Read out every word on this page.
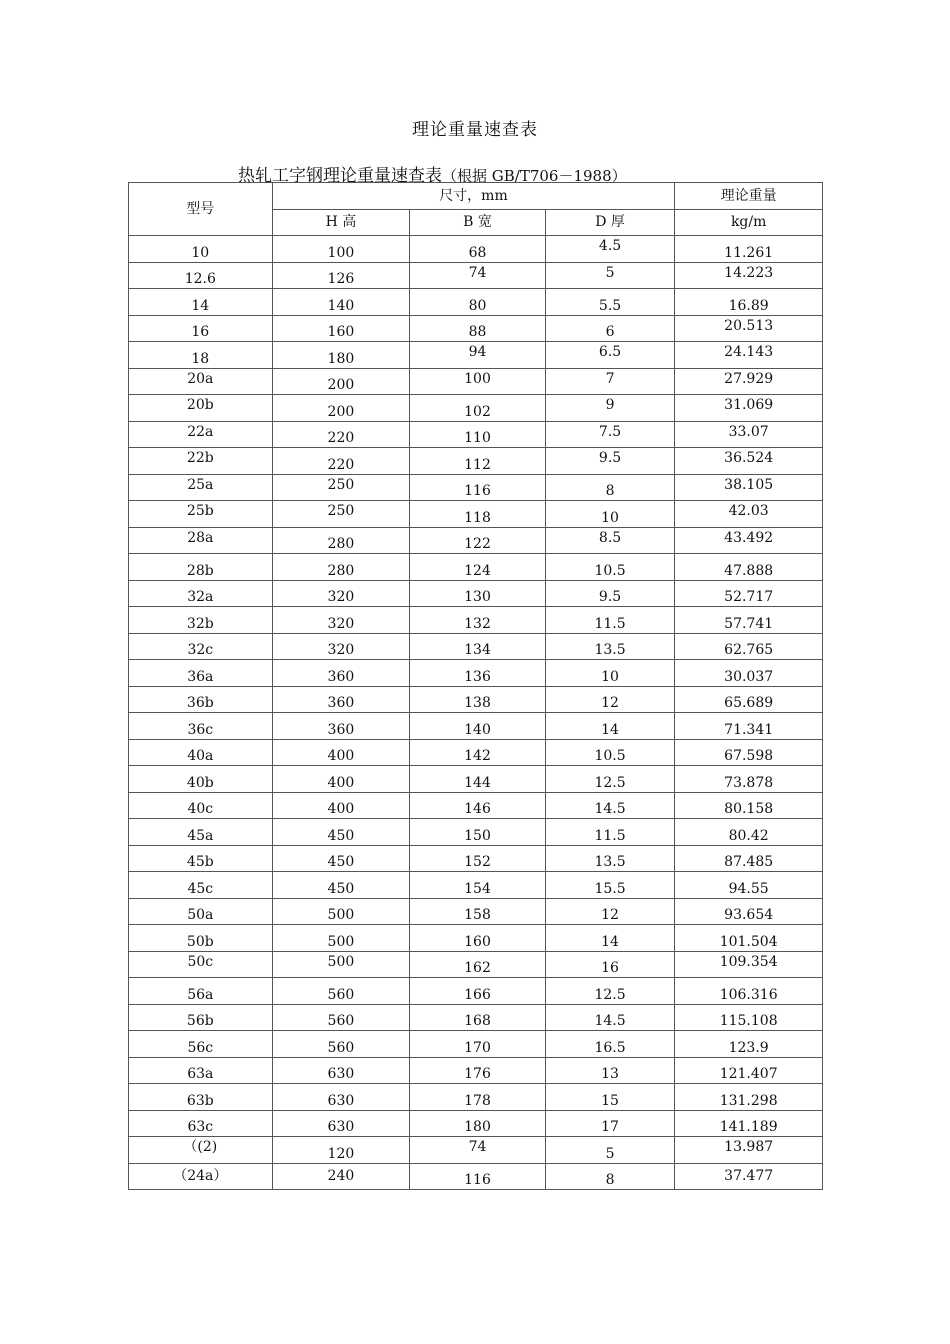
理论重量速查表
热轧工字钢理论重量速查表（根据 GB/T706－1988）
型号	尺寸，mm			理论重量
	H 高	B 宽	D 厚	kg/m
10	100	68	4.5	11.261
12.6	126	74	5	14.223
14	140	80	5.5	16.89
16	160	88	6	20.513
18	180	94	6.5	24.143
20a	200	100	7	27.929
20b	200	102	9	31.069
22a	220	110	7.5	33.07
22b	220	112	9.5	36.524
25a	250	116	8	38.105
25b	250	118	10	42.03
28a	280	122	8.5	43.492
28b	280	124	10.5	47.888
32a	320	130	9.5	52.717
32b	320	132	11.5	57.741
32c	320	134	13.5	62.765
36a	360	136	10	30.037
36b	360	138	12	65.689
36c	360	140	14	71.341
40a	400	142	10.5	67.598
40b	400	144	12.5	73.878
40c	400	146	14.5	80.158
45a	450	150	11.5	80.42
45b	450	152	13.5	87.485
45c	450	154	15.5	94.55
50a	500	158	12	93.654
50b	500	160	14	101.504
50c	500	162	16	109.354
56a	560	166	12.5	106.316
56b	560	168	14.5	115.108
56c	560	170	16.5	123.9
63a	630	176	13	121.407
63b	630	178	15	131.298
63c	630	180	17	141.189
（(2)	120	74	5	13.987
（24a）	240	116	8	37.477
